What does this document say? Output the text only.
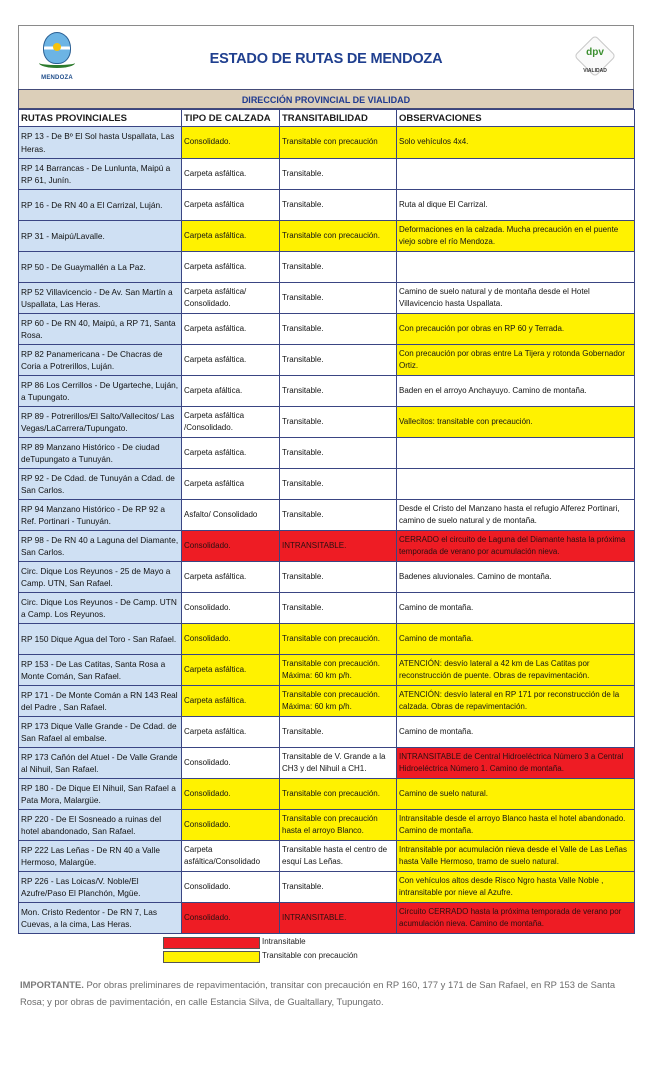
MENDOZA
ESTADO DE RUTAS DE MENDOZA	dpv
VIALIDAD
DIRECCIÓN PROVINCIAL DE VIALIDAD
RUTAS PROVINCIALES	TIPO DE CALZADA	TRANSITABILIDAD	OBSERVACIONES
RP 13 - De Bº El Sol hasta Uspallata, Las Heras.	Consolidado.	Transitable con precaución	Solo vehículos 4x4.
RP 14 Barrancas - De Lunlunta, Maipú a RP 61, Junín.	Carpeta asfáltica.	Transitable.	
RP 16 - De RN 40 a El Carrizal, Luján.	Carpeta asfáltica	Transitable.	Ruta al dique El Carrizal.
RP 31 - Maipú/Lavalle.	Carpeta asfáltica.	Transitable con precaución.	Deformaciones en la calzada. Mucha precaución en el puente viejo sobre el río Mendoza.
RP 50 - De Guaymallén a La Paz.	Carpeta asfáltica.	Transitable.	
RP 52 Villavicencio - De Av. San Martín a Uspallata, Las Heras.	Carpeta asfáltica/ Consolidado.	Transitable.	Camino de suelo natural y de montaña desde el Hotel Villavicencio hasta Uspallata.
RP 60 - De RN 40, Maipú, a RP 71, Santa Rosa.	Carpeta asfáltica.	Transitable.	Con precaución por obras en RP 60 y Terrada.
RP 82 Panamericana - De Chacras de Coria a Potrerillos, Luján.	Carpeta asfáltica.	Transitable.	Con precaución por obras entre La Tijera y rotonda Gobernador Ortiz.
RP 86 Los Cerrillos - De Ugarteche, Luján, a Tupungato.	Carpeta afáltica.	Transitable.	Baden en el arroyo Anchayuyo. Camino de montaña.
RP 89 - Potrerillos/El Salto/Vallecitos/ Las Vegas/LaCarrera/Tupungato.	Carpeta asfáltica /Consolidado.	Transitable.	Vallecitos: transitable con precaución.
RP 89 Manzano Histórico - De ciudad deTupungato a Tunuyán.	Carpeta asfáltica.	Transitable.	
RP 92 - De Cdad. de Tunuyán a Cdad. de San Carlos.	Carpeta asfáltica	Transitable.	
RP 94 Manzano Histórico - De RP 92 a Ref. Portinari - Tunuyán.	Asfalto/ Consolidado	Transitable.	Desde el Cristo del Manzano hasta el refugio Alferez Portinari, camino de suelo natural y de montaña.
RP 98 - De RN 40 a Laguna del Diamante, San Carlos.	Consolidado.	INTRANSITABLE.	CERRADO el circuito de Laguna del Diamante hasta la próxima temporada de verano por acumulación nieva.
Circ. Dique Los Reyunos - 25 de Mayo a Camp. UTN, San Rafael.	Carpeta asfáltica.	Transitable.	Badenes aluvionales. Camino de montaña.
Circ. Dique Los Reyunos - De Camp. UTN a Camp. Los Reyunos.	Consolidado.	Transitable.	Camino de montaña.
RP 150 Dique Agua del Toro - San Rafael.	Consolidado.	Transitable con precaución.	Camino de montaña.
RP 153 - De Las Catitas, Santa Rosa a Monte Comán, San Rafael.	Carpeta asfáltica.	Transitable con precaución. Máxima: 60 km p/h.	ATENCIÓN: desvío lateral a 42 km de Las Catitas por reconstrucción de puente. Obras de repavimentación.
RP 171 - De Monte Comán a RN 143 Real del Padre , San Rafael.	Carpeta asfáltica.	Transitable con precaución. Máxima: 60 km p/h.	ATENCIÓN: desvío lateral en RP 171 por reconstrucción de la calzada. Obras de repavimentación.
RP 173 Dique Valle Grande - De Cdad. de San Rafael al embalse.	Carpeta asfáltica.	Transitable.	Camino de montaña.
RP 173 Cañón del Atuel - De Valle Grande al Nihuil, San Rafael.	Consolidado.	Transitable de V. Grande a la CH3 y del Nihuil a CH1.	INTRANSITABLE de Central Hidroeléctrica Número 3 a Central Hidroeléctrica Número 1. Camino de montaña.
RP 180 - De Dique El Nihuil, San Rafael a Pata Mora, Malargüe.	Consolidado.	Transitable con precaución.	Camino de suelo natural.
RP 220 - De El Sosneado a ruinas del hotel abandonado, San Rafael.	Consolidado.	Transitable con precaución hasta el arroyo Blanco.	Intransitable desde el arroyo Blanco hasta el hotel abandonado. Camino de montaña.
RP 222 Las Leñas - De RN 40 a Valle Hermoso, Malargüe.	Carpeta asfáltica/Consolidado	Transitable hasta el centro de esquí Las Leñas.	Intransitable por acumulación nieva desde el Valle de Las Leñas hasta Valle Hermoso, tramo de suelo natural.
RP 226 - Las Loicas/V. Noble/El Azufre/Paso El Planchón, Mgüe.	Consolidado.	Transitable.	Con vehículos altos desde Risco Ngro hasta Valle Noble , intransitable por nieve al Azufre.
Mon. Cristo Redentor - De RN 7, Las Cuevas, a la cima, Las Heras.	Consolidado.	INTRANSITABLE.	Circuito CERRADO hasta la próxima temporada de verano por acumulación nieva. Camino de montaña.
Intransitable
Transitable con precaución

IMPORTANTE. Por obras preliminares de repavimentación, transitar con precaución en RP 160, 177 y 171 de San Rafael, en RP 153 de Santa Rosa; y por obras de pavimentación, en calle Estancia Silva, de Gualtallary, Tupungato.
